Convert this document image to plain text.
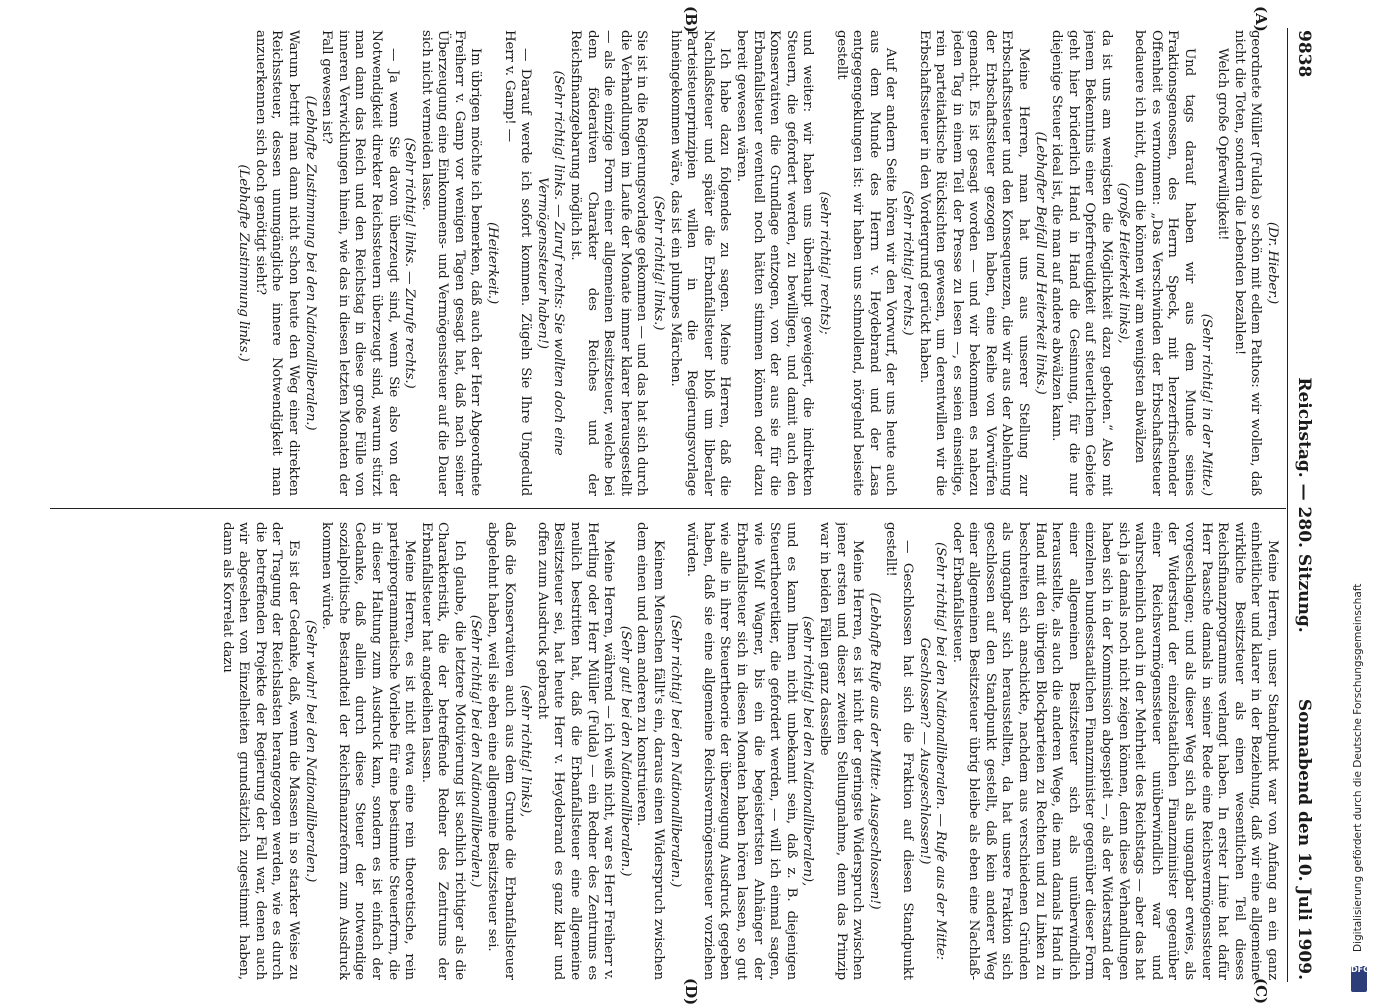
9838
Reichstag. — 280. Sitzung.
Sonnabend den 10. Juli 1909.
(A)
(B)
(C)
(D)

(Dr. Hieber.)

geordnete Müller (Fulda) so schön mit edlem Pathos: wir wollen, daß nicht die Toten, sondern die Lebenden bezahlen!

Welch große Opferwilligkeit!

(Sehr richtig! in der Mitte.)

Und tags darauf haben wir aus dem Munde seines Fraktionsgenossen, des Herrn Speck, mit herzerfrischender Offenheit es vernommen: „Das Verschwinden der Erbschaftssteuer bedauere ich nicht, denn die können wir am wenigsten abwälzen

(große Heiterkeit links),

da ist uns am wenigsten die Möglichkeit dazu geboten.“ Also mit jenem Bekenntnis einer Opferfreudigkeit auf steuerlichem Gebiete geht hier brüderlich Hand in Hand die Gesinnung, für die nur diejenige Steuer ideal ist, die man auf andere abwälzen kann.

(Lebhafter Beifall und Heiterkeit links.)

Meine Herren, man hat uns aus unserer Stellung zur Erbschaftssteuer und den Konsequenzen, die wir aus der Ablehnung der Erbschaftssteuer gezogen haben, eine Reihe von Vorwürfen gemacht. Es ist gesagt worden — und wir bekommen es nahezu jeden Tag in einem Teil der Presse zu lesen —, es seien einseitige, rein parteitaktische Rücksichten gewesen, um derentwillen wir die Erbschaftssteuer in den Vordergrund gerückt haben.

(Sehr richtig! rechts.)

Auf der andern Seite hören wir den Vorwurf, der uns heute auch aus dem Munde des Herrn v. Heydebrand und der Lasa entgegengeklungen ist: wir haben uns schmollend, nörgelnd beiseite gestellt

(sehr richtig! rechts);

und weiter: wir haben uns überhaupt geweigert, die indirekten Steuern, die gefordert werden, zu bewilligen, und damit auch den Konservativen die Grundlage entzogen, von der aus sie für die Erbanfallsteuer eventuell noch hätten stimmen können oder dazu bereit gewesen wären.

Ich habe dazu folgendes zu sagen. Meine Herren, daß die Nachlaßsteuer und später die Erbanfallsteuer bloß um liberaler Parteisteuerprinzipien willen in die Regierungsvorlage hineingekommen wäre, das ist ein plumpes Märchen.

(Sehr richtig! links.)

Sie ist in die Regierungsvorlage gekommen — und das hat sich durch die Verhandlungen im Laufe der Monate immer klarer herausgestellt — als die einzige Form einer allgemeinen Besitzsteuer, welche bei dem föderativen Charakter des Reiches und der Reichsfinanzgebarung möglich ist.

(Sehr richtig! links. — Zuruf rechts: Sie wollten doch eine Vermögenssteuer haben!)

— Darauf werde ich sofort kommen. Zügeln Sie Ihre Ungeduld Herr v. Gamp! —

(Heiterkeit.)

Im übrigen möchte ich bemerken, daß auch der Herr Abgeordnete Freiherr v. Gamp vor wenigen Tagen gesagt hat, daß nach seiner Überzeugung eine Einkommens- und Vermögenssteuer auf die Dauer sich nicht vermeiden lasse.

(Sehr richtig! links. — Zurufe rechts.)

— Ja wenn Sie davon überzeugt sind, wenn Sie also von der Notwendigkeit direkter Reichssteuern überzeugt sind, warum stürzt man dann das Reich und den Reichstag in diese große Fülle von inneren Verwicklungen hinein, wie das in diesen letzten Monaten der Fall gewesen ist?

(Lebhafte Zustimmung bei den Nationalliberalen.)

Warum betritt man dann nicht schon heute den Weg einer direkten Reichssteuer, dessen unumgängliche innere Notwendigkeit man anzuerkennen sich doch genötigt sieht?

(Lebhafte Zustimmung links.)

Meine Herren, unser Standpunkt war von Anfang an ein ganz einheitlicher und klarer in der Beziehung, daß wir eine allgemeine wirkliche Besitzsteuer als einen wesentlichen Teil dieses Reichsfinanzprogramms verlangt haben. In erster Linie hat dafür Herr Paasche damals in seiner Rede eine Reichsvermögenssteuer vorgeschlagen; und als dieser Weg sich als ungangbar erwies, als der Widerstand der einzelstaatlichen Finanzminister gegenüber einer Reichsvermögenssteuer unüberwindlich war und wahrscheinlich auch in der Mehrheit des Reichstags — aber das hat sich ja damals noch nicht zeigen können, denn diese Verhandlungen haben sich in der Kommission abgespielt —, als der Widerstand der einzelnen bundesstaatlichen Finanzminister gegenüber dieser Form einer allgemeinen Besitzsteuer sich als unüberwindlich herausstellte, als auch die anderen Wege, die man damals Hand in Hand mit den übrigen Blockparteien zu Rechten und zu Linken zu beschreiten sich anschickte, nachdem aus verschiedenen Gründen als ungangbar sich herausstellten, da hat unsere Fraktion sich geschlossen auf den Standpunkt gestellt, daß kein anderer Weg einer allgemeinen Besitzsteuer übrig bleibe als eben eine Nachlaß- oder Erbanfallsteuer.

(Sehr richtig! bei den Nationalliberalen. — Rufe aus der Mitte: Geschlossen? — Ausgeschlossen!)

— Geschlossen hat sich die Fraktion auf diesen Standpunkt gestellt!

(Lebhafte Rufe aus der Mitte: Ausgeschlossen!)

Meine Herren, es ist nicht der geringste Widerspruch zwischen jener ersten und dieser zweiten Stellungnahme, denn das Prinzip war in beiden Fällen ganz dasselbe

(sehr richtig! bei den Nationalliberalen),

und es kann Ihnen nicht unbekannt sein, daß z. B. diejenigen Steuertheoretiker, die gefordert werden, — will ich einmal sagen, wie Wolf Wagner, bis ein die begeistertsten Anhänger der Erbanfallsteuer sich in diesen Monaten haben hören lassen, so gut wie alle in ihrer Steuertheorie der überzeugung Ausdruck gegeben haben, daß sie eine allgemeine Reichsvermögenssteuer vorziehen würden.

(Sehr richtig! bei den Nationalliberalen.)

Keinem Menschen fällt's ein, daraus einen Widerspruch zwischen dem einen und dem anderen zu konstruieren.

(Sehr gut! bei den Nationalliberalen.)

Meine Herren, während — ich weiß nicht, war es Herr Freiherr v. Hertling oder Herr Müller (Fulda) — ein Redner des Zentrums es neulich bestritten hat, daß die Erbanfallsteuer eine allgemeine Besitzsteuer sei, hat heute Herr v. Heydebrand es ganz klar und offen zum Ausdruck gebracht

(sehr richtig! links),

daß die Konservativen auch aus dem Grunde die Erbanfallsteuer abgelehnt haben, weil sie eben eine allgemeine Besitzsteuer sei.

(Sehr richtig! bei den Nationalliberalen.)

Ich glaube, die letztere Motivierung ist sachlich richtiger als die Charakteristik, die der betreffende Redner des Zentrums der Erbanfallsteuer hat angedeihen lassen.

Meine Herren, es ist nicht etwa eine rein theoretische, rein parteiprogrammatische Vorliebe für eine bestimmte Steuerform, die in dieser Haltung zum Ausdruck kam, sondern es ist einfach der Gedanke, daß allein durch diese Steuer der notwendige sozialpolitische Bestandteil der Reichsfinanzreform zum Ausdruck kommen würde.

(Sehr wahr! bei den Nationalliberalen.)

Es ist der Gedanke, daß, wenn die Massen in so starker Weise zu der Tragung der Reichslasten herangezogen werden, wie es durch die betreffenden Projekte der Regierung der Fall war, denen auch wir abgesehen von Einzelheiten grundsätzlich zugestimmt haben, dann als Korrelat dazu	Digitalisierung gefördert durch die Deutsche Forschungsgemeinschaft
DFG
